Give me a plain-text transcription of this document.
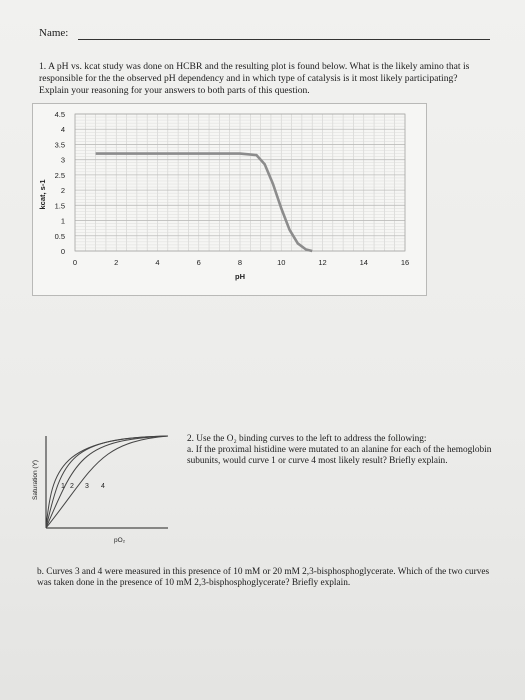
Name:
1. A pH vs. kcat study was done on HCBR and the resulting plot is found below. What is the likely amino that is responsible for the the observed pH dependency and in which type of catalysis is it most likely participating? Explain your reasoning for your answers to both parts of this question.
0
0.5
1
1.5
2
2.5
3
3.5
4
4.5
0	2	4	6	8	10	12	14	16
pH
kcat, s-1
1 2 3 4
Saturation (Y)
pO₂

2. Use the O₂ binding curves to the left to address the following:

a. If the proximal histidine were mutated to an alanine for each of the hemoglobin subunits, would curve 1 or curve 4 most likely result? Briefly explain.

b. Curves 3 and 4 were measured in this presence of 10 mM or 20 mM 2,3-bisphosphoglycerate. Which of the two curves was taken done in the presence of 10 mM 2,3-bisphosphoglycerate? Briefly explain.
